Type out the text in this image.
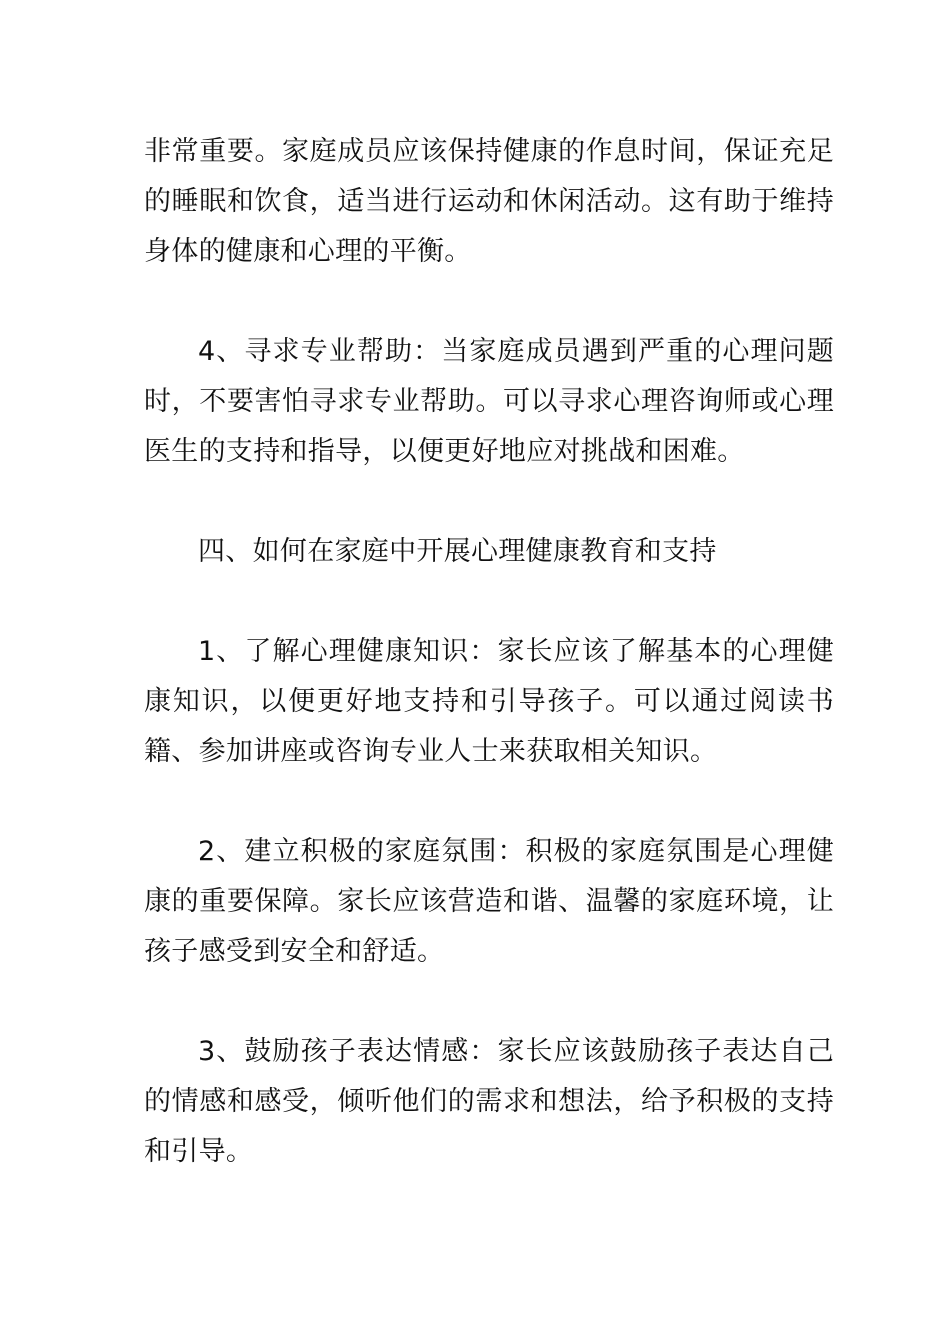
非常重要。家庭成员应该保持健康的作息时间，保证充足的睡眠和饮食，适当进行运动和休闲活动。这有助于维持身体的健康和心理的平衡。

4、寻求专业帮助：当家庭成员遇到严重的心理问题时，不要害怕寻求专业帮助。可以寻求心理咨询师或心理医生的支持和指导，以便更好地应对挑战和困难。

四、如何在家庭中开展心理健康教育和支持

1、了解心理健康知识：家长应该了解基本的心理健康知识，以便更好地支持和引导孩子。可以通过阅读书籍、参加讲座或咨询专业人士来获取相关知识。

2、建立积极的家庭氛围：积极的家庭氛围是心理健康的重要保障。家长应该营造和谐、温馨的家庭环境，让孩子感受到安全和舒适。

3、鼓励孩子表达情感：家长应该鼓励孩子表达自己的情感和感受，倾听他们的需求和想法，给予积极的支持和引导。
